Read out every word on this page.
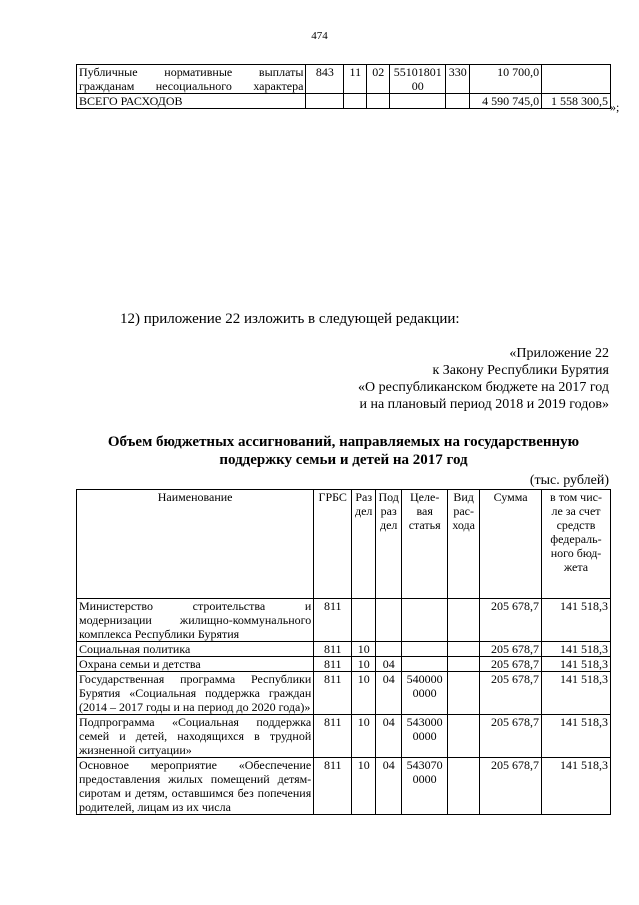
474
Публичные нормативные выплаты гражданам несоциального характера	843	11	02	55101801 00	330	10 700,0	
ВСЕГО РАСХОДОВ						4 590 745,0	1 558 300,5 »;
12) приложение 22 изложить в следующей редакции:
«Приложение 22
к Закону Республики Бурятия
«О республиканском бюджете на 2017 год
и на плановый период 2018 и 2019 годов»
Объем бюджетных ассигнований, направляемых на государственную поддержку семьи и детей на 2017 год
(тыс. рублей)
Наименование	ГРБС	Раз дел	Под раз дел	Целе- вая статья	Вид рас- хода	Сумма	в том чис- ле за счет средств федераль- ного бюд- жета
Министерство строительства и модернизации жилищно-коммунального комплекса Республики Бурятия	811					205 678,7	141 518,3
Социальная политика	811	10				205 678,7	141 518,3
Охрана семьи и детства	811	10	04			205 678,7	141 518,3
Государственная программа Республики Бурятия «Социальная поддержка граждан (2014 – 2017 годы и на период до 2020 года)»	811	10	04	540000 0000		205 678,7	141 518,3
Подпрограмма «Социальная поддержка семей и детей, находящихся в трудной жизненной ситуации»	811	10	04	543000 0000		205 678,7	141 518,3
Основное мероприятие «Обеспечение предоставления жилых помещений детям-сиротам и детям, оставшимся без попечения родителей, лицам из их числа	811	10	04	543070 0000		205 678,7	141 518,3
